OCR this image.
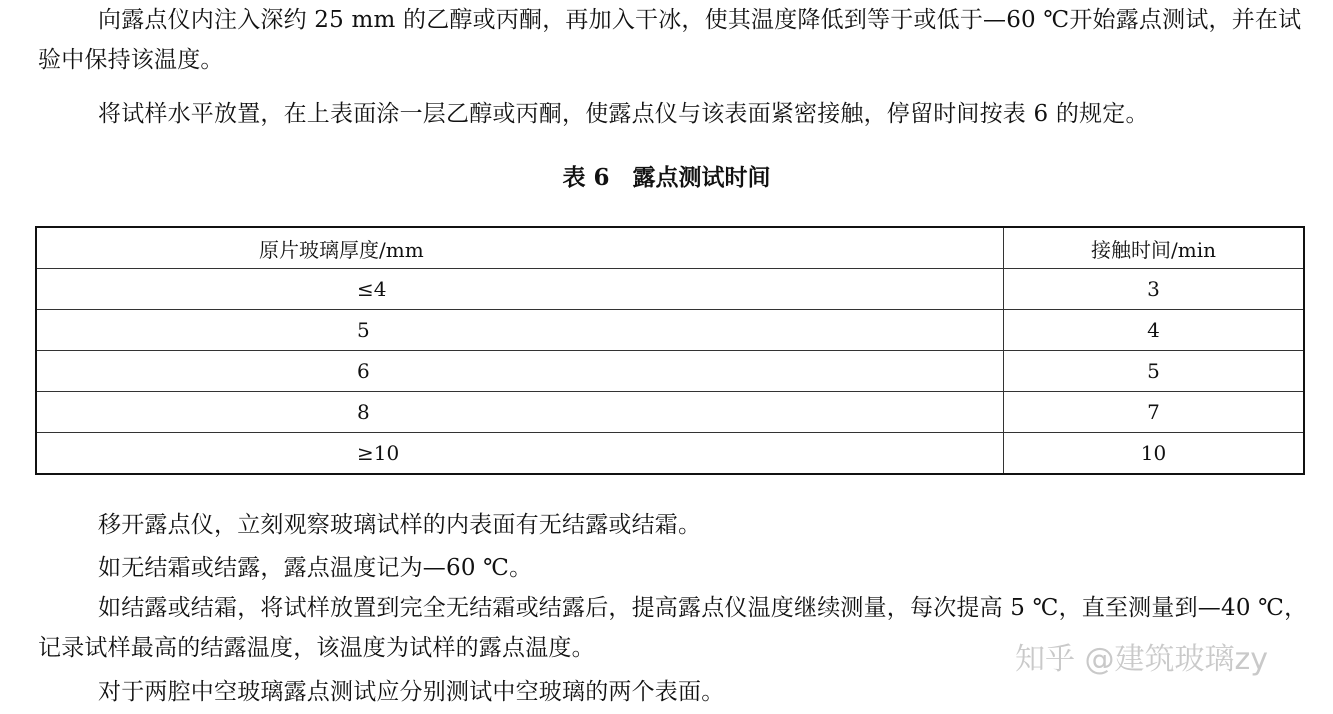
向露点仪内注入深约 25 mm 的乙醇或丙酮，再加入干冰，使其温度降低到等于或低于—60 ℃开始露点测试，并在试验中保持该温度。

将试样水平放置，在上表面涂一层乙醇或丙酮，使露点仪与该表面紧密接触，停留时间按表 6 的规定。

表 6　露点测试时间
原片玻璃厚度/mm	接触时间/min
≤4	3
5	4
6	5
8	7
≥10	10

移开露点仪，立刻观察玻璃试样的内表面有无结露或结霜。

如无结霜或结露，露点温度记为—60 ℃。

如结露或结霜，将试样放置到完全无结霜或结露后，提高露点仪温度继续测量，每次提高 5 ℃，直至测量到—40 ℃，记录试样最高的结露温度，该温度为试样的露点温度。

对于两腔中空玻璃露点测试应分别测试中空玻璃的两个表面。

知乎 @建筑玻璃zy
